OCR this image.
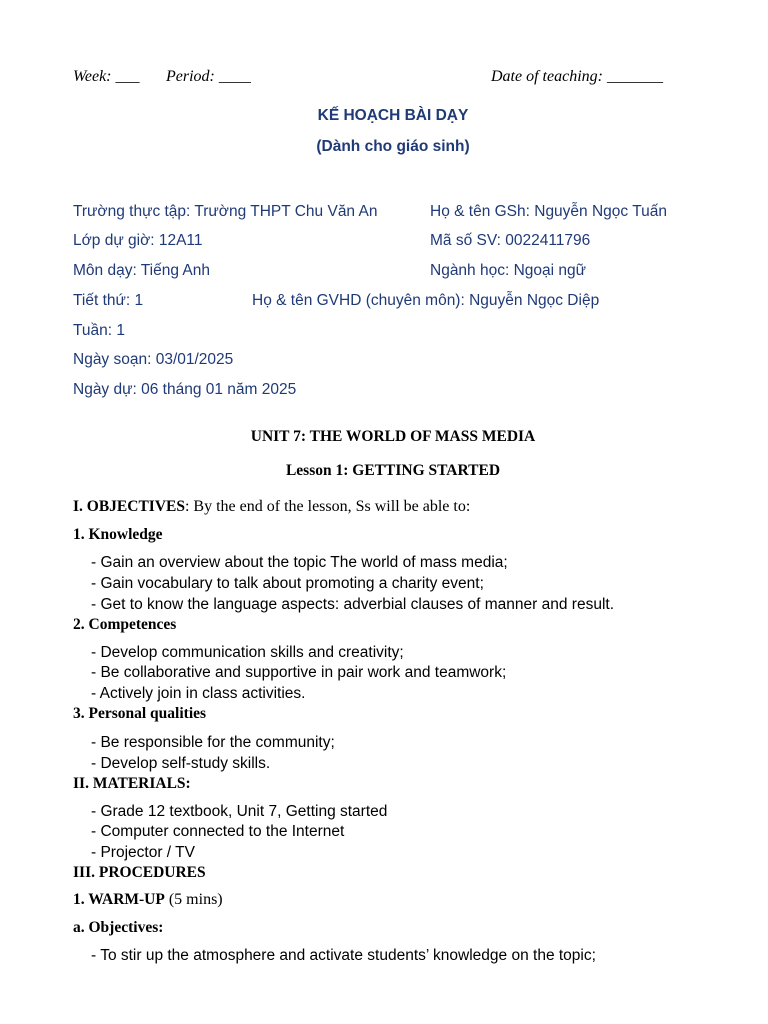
Week: ___ Period: ____	Date of teaching: _______
KẾ HOẠCH BÀI DẠY
(Dành cho giáo sinh)
Trường thực tập: Trường THPT Chu Văn An	Họ & tên GSh: Nguyễn Ngọc Tuấn
Lớp dự giờ: 12A11	Mã số SV: 0022411796
Môn dạy: Tiếng Anh	Ngành học: Ngoại ngữ
Tiết thứ: 1	Họ & tên GVHD (chuyên môn): Nguyễn Ngọc Diệp
Tuần: 1
Ngày soạn: 03/01/2025
Ngày dự: 06 tháng 01 năm 2025
UNIT 7: THE WORLD OF MASS MEDIA
Lesson 1: GETTING STARTED
I. OBJECTIVES: By the end of the lesson, Ss will be able to:
1. Knowledge
- Gain an overview about the topic The world of mass media;
- Gain vocabulary to talk about promoting a charity event;
- Get to know the language aspects: adverbial clauses of manner and result.
2. Competences
- Develop communication skills and creativity;
- Be collaborative and supportive in pair work and teamwork;
- Actively join in class activities.
3. Personal qualities
- Be responsible for the community;
- Develop self-study skills.
II. MATERIALS:
- Grade 12 textbook, Unit 7, Getting started
- Computer connected to the Internet
- Projector / TV
III. PROCEDURES
1. WARM-UP (5 mins)
a. Objectives:
- To stir up the atmosphere and activate students’ knowledge on the topic;
